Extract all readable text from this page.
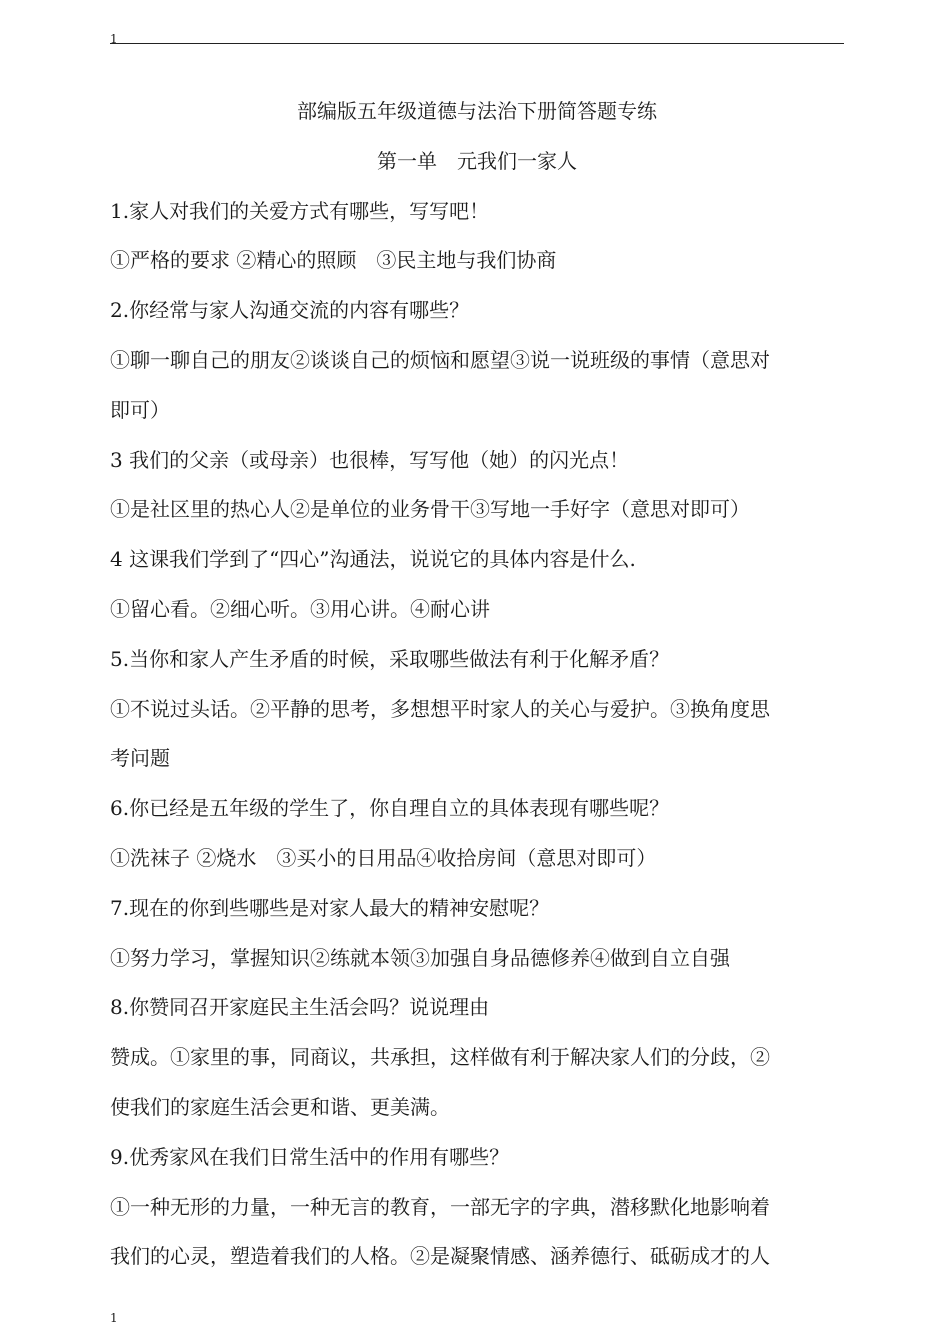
1
部编版五年级道德与法治下册简答题专练
第一单　元我们一家人
1.家人对我们的关爱方式有哪些，写写吧！
①严格的要求 ②精心的照顾　③民主地与我们协商
2.你经常与家人沟通交流的内容有哪些？
①聊一聊自己的朋友②谈谈自己的烦恼和愿望③说一说班级的事情（意思对
即可）
3 我们的父亲（或母亲）也很棒，写写他（她）的闪光点！
①是社区里的热心人②是单位的业务骨干③写地一手好字（意思对即可）
4 这课我们学到了“四心”沟通法，说说它的具体内容是什么.
①留心看。②细心听。③用心讲。④耐心讲
5.当你和家人产生矛盾的时候，采取哪些做法有利于化解矛盾？
①不说过头话。②平静的思考，多想想平时家人的关心与爱护。③换角度思
考问题
6.你已经是五年级的学生了，你自理自立的具体表现有哪些呢？
①洗袜子 ②烧水　③买小的日用品④收拾房间（意思对即可）
7.现在的你到些哪些是对家人最大的精神安慰呢？
①努力学习，掌握知识②练就本领③加强自身品德修养④做到自立自强
8.你赞同召开家庭民主生活会吗？说说理由
赞成。①家里的事，同商议，共承担，这样做有利于解决家人们的分歧，②
使我们的家庭生活会更和谐、更美满。
9.优秀家风在我们日常生活中的作用有哪些？
①一种无形的力量，一种无言的教育，一部无字的字典，潜移默化地影响着
我们的心灵，塑造着我们的人格。②是凝聚情感、涵养德行、砥砺成才的人
1
